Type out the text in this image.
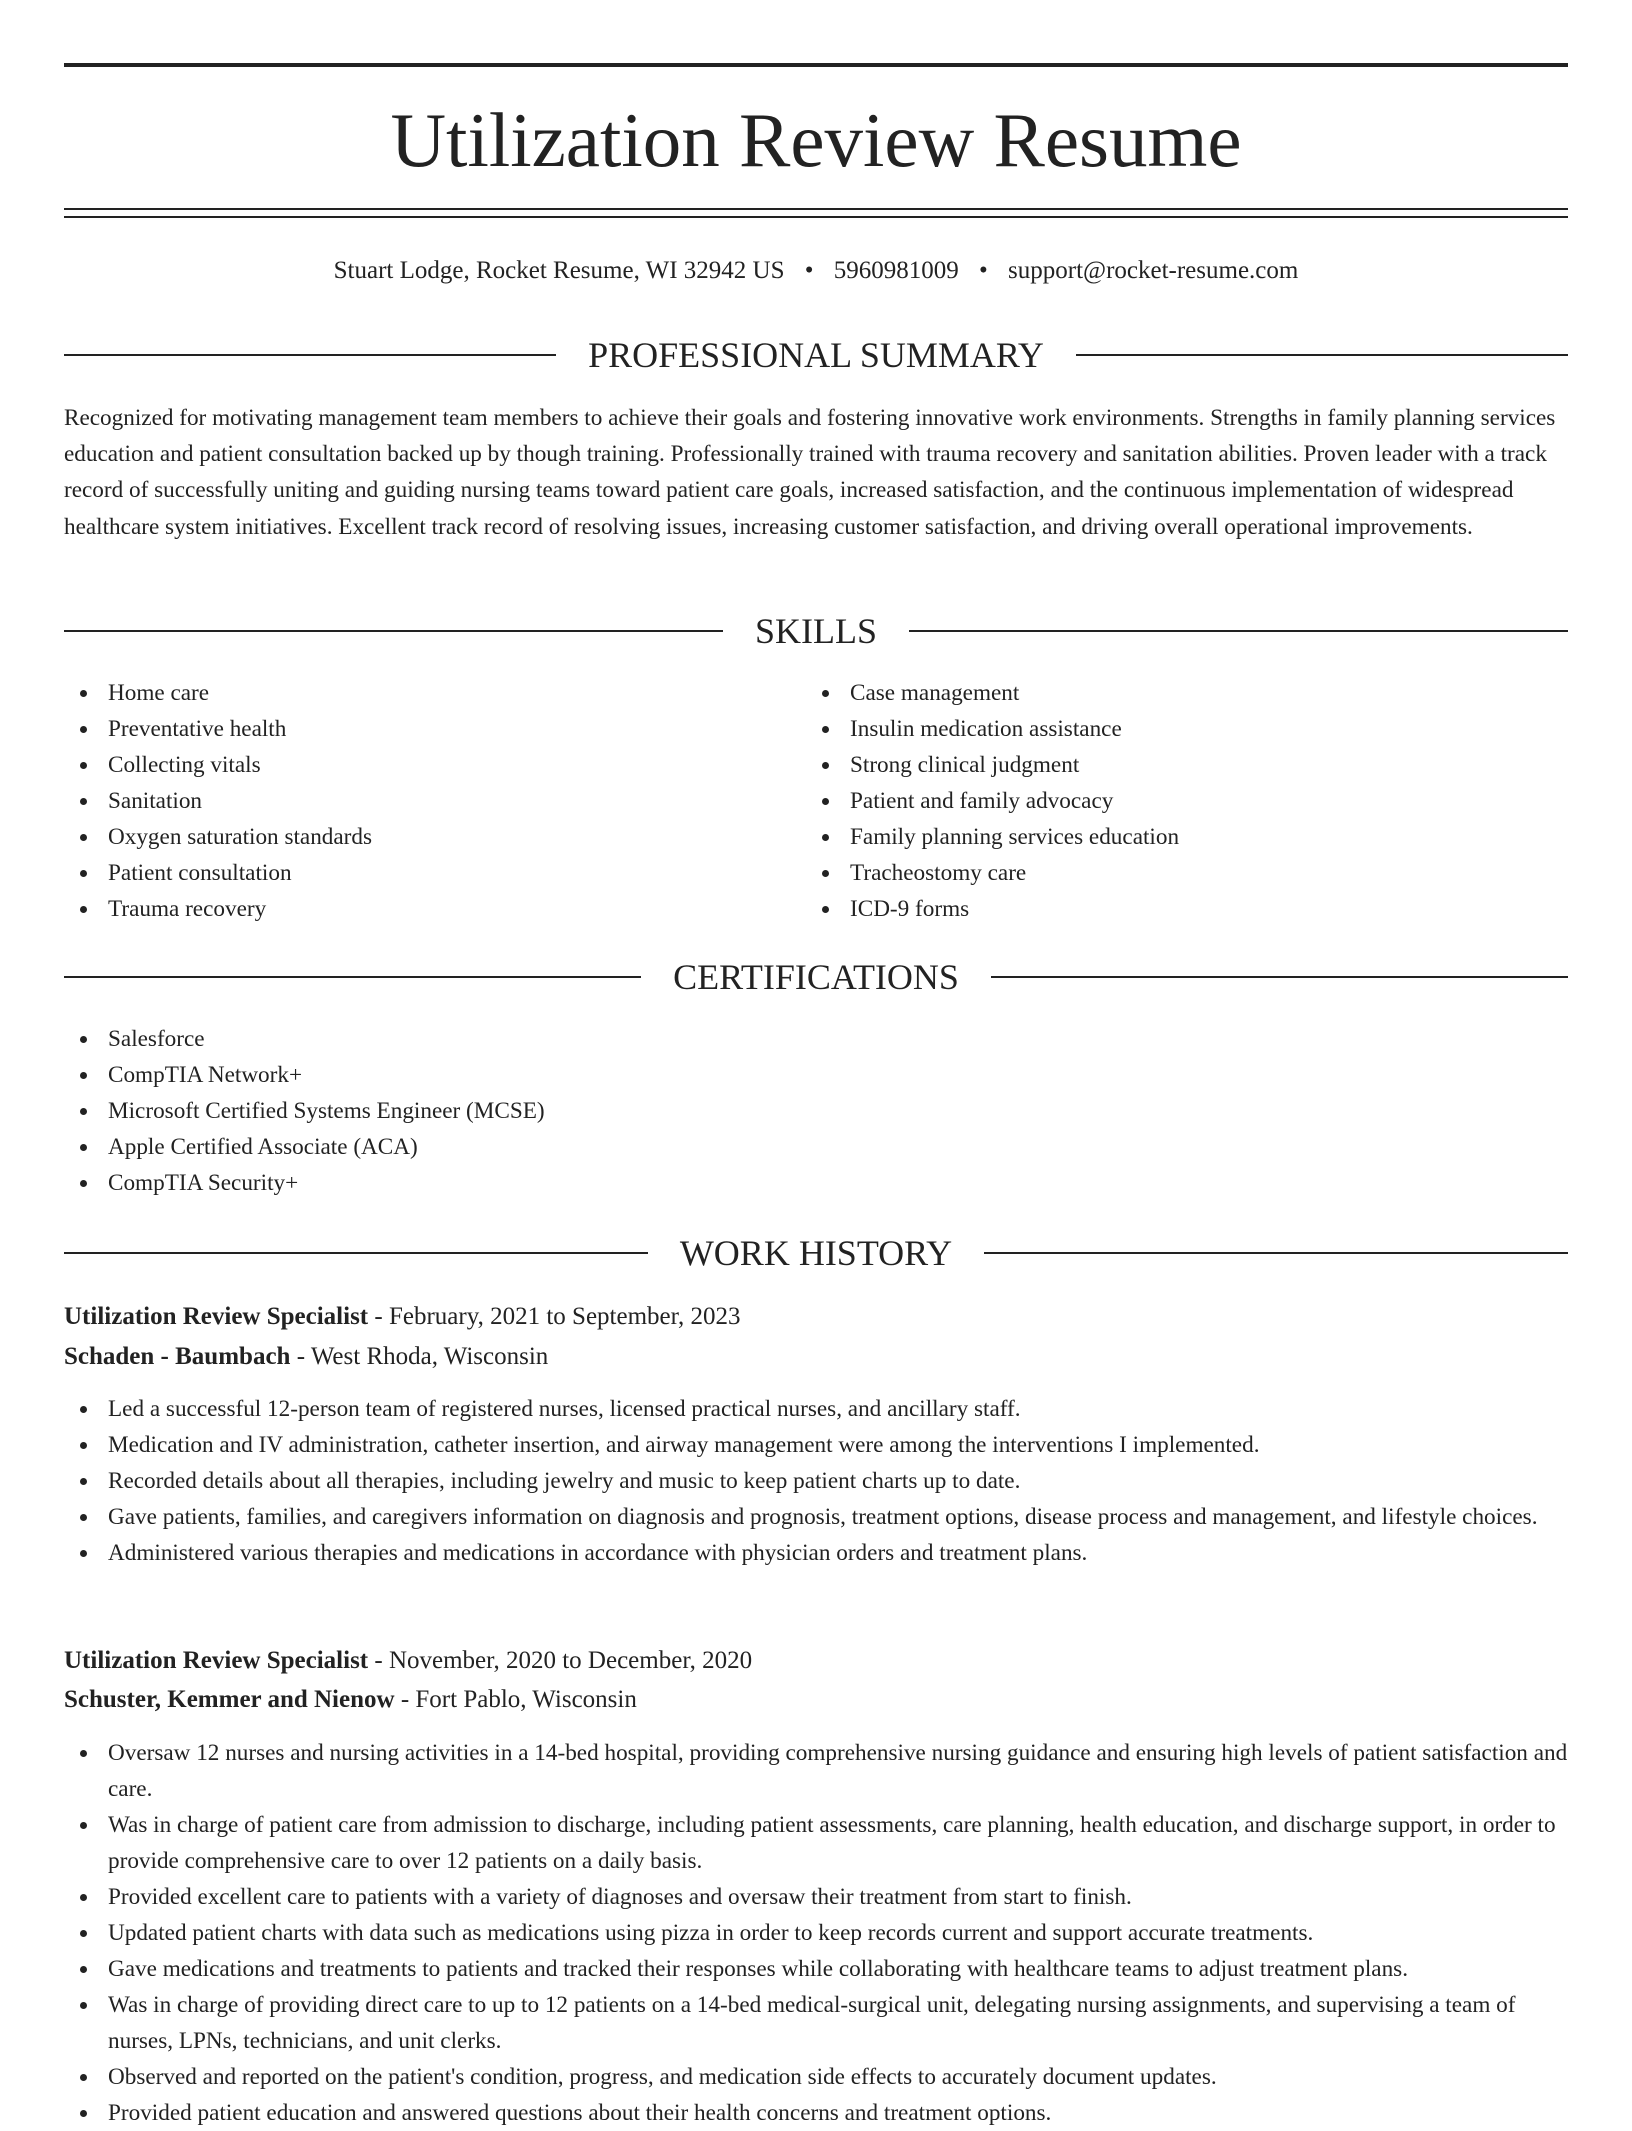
Utilization Review Resume
Stuart Lodge, Rocket Resume, WI 32942 US • 5960981009 • support@rocket-resume.com
PROFESSIONAL SUMMARY

Recognized for motivating management team members to achieve their goals and fostering innovative work environments. Strengths in family planning services education and patient consultation backed up by though training. Professionally trained with trauma recovery and sanitation abilities. Proven leader with a track record of successfully uniting and guiding nursing teams toward patient care goals, increased satisfaction, and the continuous implementation of widespread healthcare system initiatives. Excellent track record of resolving issues, increasing customer satisfaction, and driving overall operational improvements.

SKILLS
Home care
Preventative health
Collecting vitals
Sanitation
Oxygen saturation standards
Patient consultation
Trauma recovery
Case management
Insulin medication assistance
Strong clinical judgment
Patient and family advocacy
Family planning services education
Tracheostomy care
ICD-9 forms
CERTIFICATIONS
Salesforce
CompTIA Network+
Microsoft Certified Systems Engineer (MCSE)
Apple Certified Associate (ACA)
CompTIA Security+
WORK HISTORY
Utilization Review Specialist - February, 2021 to September, 2023
Schaden - Baumbach - West Rhoda, Wisconsin
Led a successful 12-person team of registered nurses, licensed practical nurses, and ancillary staff.
Medication and IV administration, catheter insertion, and airway management were among the interventions I implemented.
Recorded details about all therapies, including jewelry and music to keep patient charts up to date.
Gave patients, families, and caregivers information on diagnosis and prognosis, treatment options, disease process and management, and lifestyle choices.
Administered various therapies and medications in accordance with physician orders and treatment plans.
Utilization Review Specialist - November, 2020 to December, 2020
Schuster, Kemmer and Nienow - Fort Pablo, Wisconsin
Oversaw 12 nurses and nursing activities in a 14-bed hospital, providing comprehensive nursing guidance and ensuring high levels of patient satisfaction and care.
Was in charge of patient care from admission to discharge, including patient assessments, care planning, health education, and discharge support, in order to provide comprehensive care to over 12 patients on a daily basis.
Provided excellent care to patients with a variety of diagnoses and oversaw their treatment from start to finish.
Updated patient charts with data such as medications using pizza in order to keep records current and support accurate treatments.
Gave medications and treatments to patients and tracked their responses while collaborating with healthcare teams to adjust treatment plans.
Was in charge of providing direct care to up to 12 patients on a 14-bed medical-surgical unit, delegating nursing assignments, and supervising a team of nurses, LPNs, technicians, and unit clerks.
Observed and reported on the patient's condition, progress, and medication side effects to accurately document updates.
Provided patient education and answered questions about their health concerns and treatment options.
